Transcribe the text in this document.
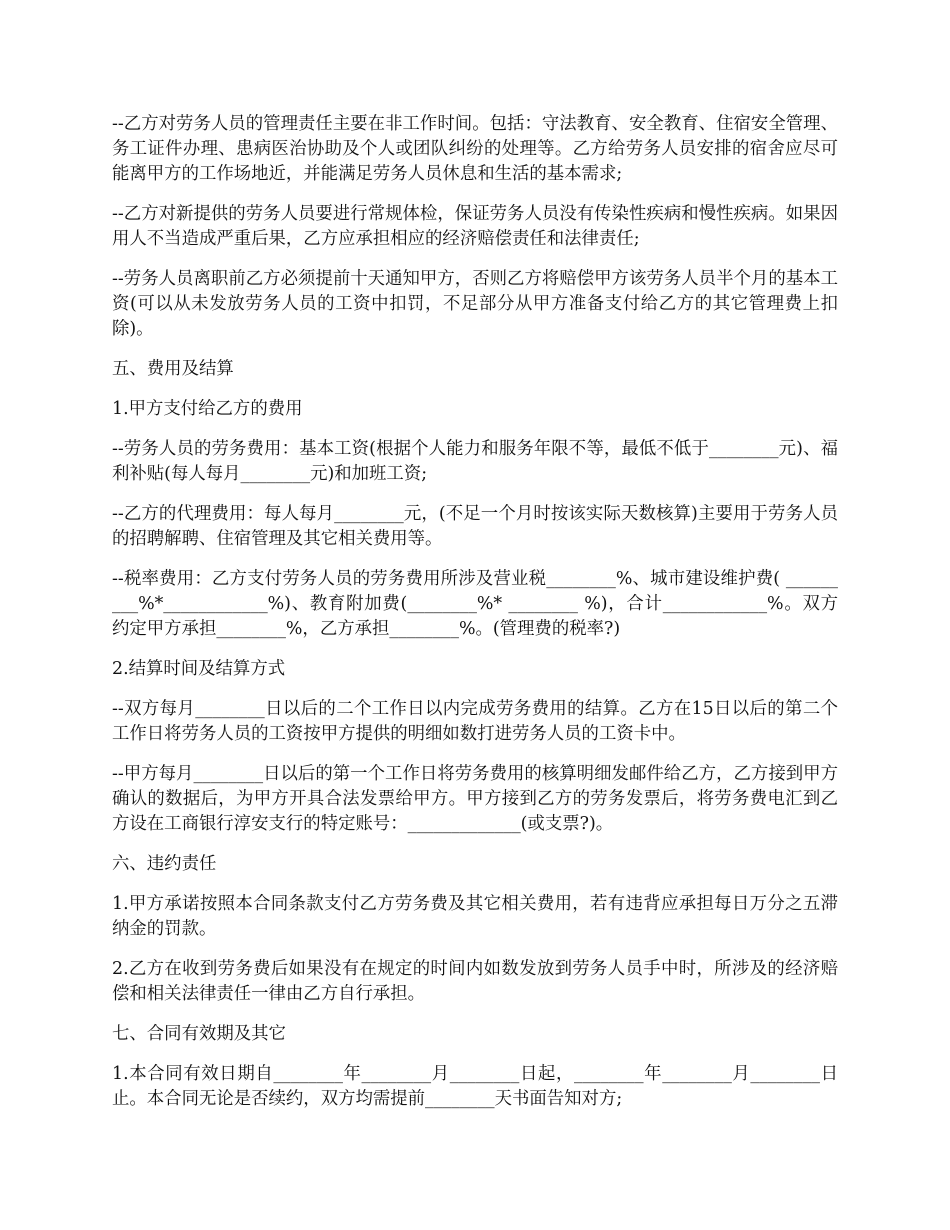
--乙方对劳务人员的管理责任主要在非工作时间。包括：守法教育、安全教育、住宿安全管理、务工证件办理、患病医治协助及个人或团队纠纷的处理等。乙方给劳务人员安排的宿舍应尽可能离甲方的工作场地近，并能满足劳务人员休息和生活的基本需求;

--乙方对新提供的劳务人员要进行常规体检，保证劳务人员没有传染性疾病和慢性疾病。如果因用人不当造成严重后果，乙方应承担相应的经济赔偿责任和法律责任;

--劳务人员离职前乙方必须提前十天通知甲方，否则乙方将赔偿甲方该劳务人员半个月的基本工资(可以从未发放劳务人员的工资中扣罚，不足部分从甲方准备支付给乙方的其它管理费上扣除)。

五、费用及结算

1.甲方支付给乙方的费用

--劳务人员的劳务费用：基本工资(根据个人能力和服务年限不等，最低不低于________元)、福利补贴(每人每月________元)和加班工资;

--乙方的代理费用：每人每月________元，(不足一个月时按该实际天数核算)主要用于劳务人员的招聘解聘、住宿管理及其它相关费用等。

--税率费用：乙方支付劳务人员的劳务费用所涉及营业税________%、城市建设维护费( _________%*____________%)、教育附加费(________%* ________ %)，合计____________%。双方约定甲方承担________%，乙方承担________%。(管理费的税率?)

2.结算时间及结算方式

--双方每月________日以后的二个工作日以内完成劳务费用的结算。乙方在15日以后的第二个工作日将劳务人员的工资按甲方提供的明细如数打进劳务人员的工资卡中。

--甲方每月________日以后的第一个工作日将劳务费用的核算明细发邮件给乙方，乙方接到甲方确认的数据后，为甲方开具合法发票给甲方。甲方接到乙方的劳务发票后，将劳务费电汇到乙方设在工商银行淳安支行的特定账号：_____________(或支票?)。

六、违约责任

1.甲方承诺按照本合同条款支付乙方劳务费及其它相关费用，若有违背应承担每日万分之五滞纳金的罚款。

2.乙方在收到劳务费后如果没有在规定的时间内如数发放到劳务人员手中时，所涉及的经济赔偿和相关法律责任一律由乙方自行承担。

七、合同有效期及其它

1.本合同有效日期自________年________月________日起，________年________月________日止。本合同无论是否续约，双方均需提前________天书面告知对方;
